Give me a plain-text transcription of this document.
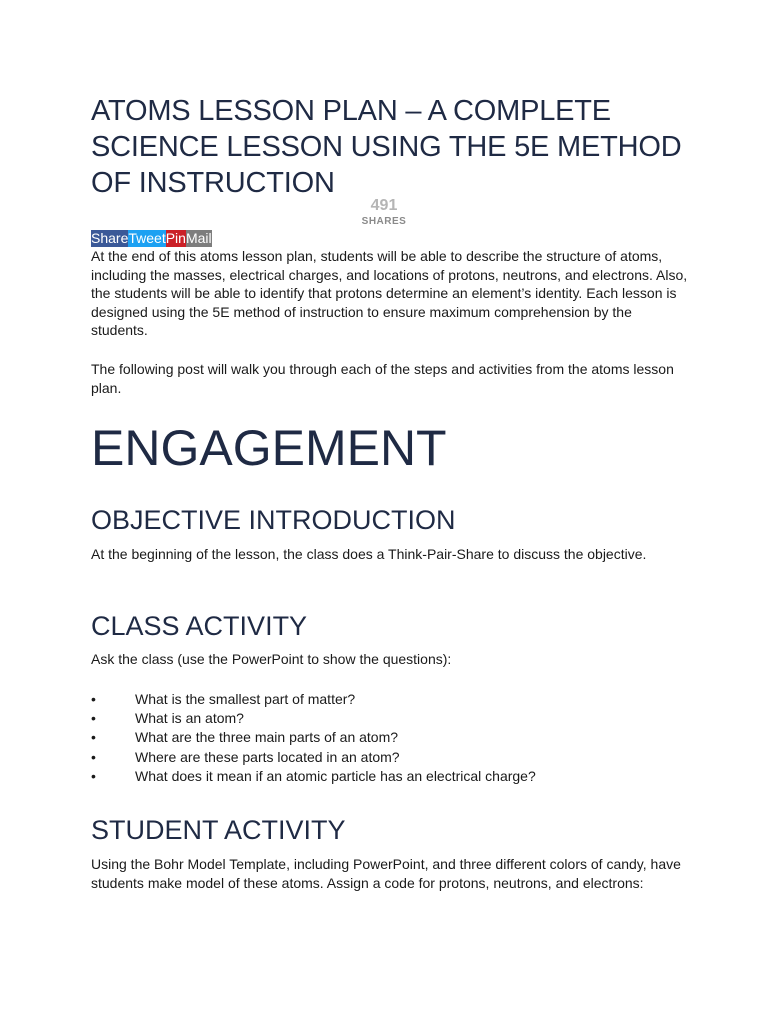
ATOMS LESSON PLAN – A COMPLETE SCIENCE LESSON USING THE 5E METHOD OF INSTRUCTION
491
SHARES
Share Tweet Pin Mail

At the end of this atoms lesson plan, students will be able to describe the structure of atoms, including the masses, electrical charges, and locations of protons, neutrons, and electrons. Also, the students will be able to identify that protons determine an element’s identity. Each lesson is designed using the 5E method of instruction to ensure maximum comprehension by the students.

The following post will walk you through each of the steps and activities from the atoms lesson plan.

ENGAGEMENT
OBJECTIVE INTRODUCTION

At the beginning of the lesson, the class does a Think-Pair-Share to discuss the objective.

CLASS ACTIVITY

Ask the class (use the PowerPoint to show the questions):

•	What is the smallest part of matter?
•	What is an atom?
•	What are the three main parts of an atom?
•	Where are these parts located in an atom?
•	What does it mean if an atomic particle has an electrical charge?
STUDENT ACTIVITY

Using the Bohr Model Template, including PowerPoint, and three different colors of candy, have students make model of these atoms. Assign a code for protons, neutrons, and electrons:
